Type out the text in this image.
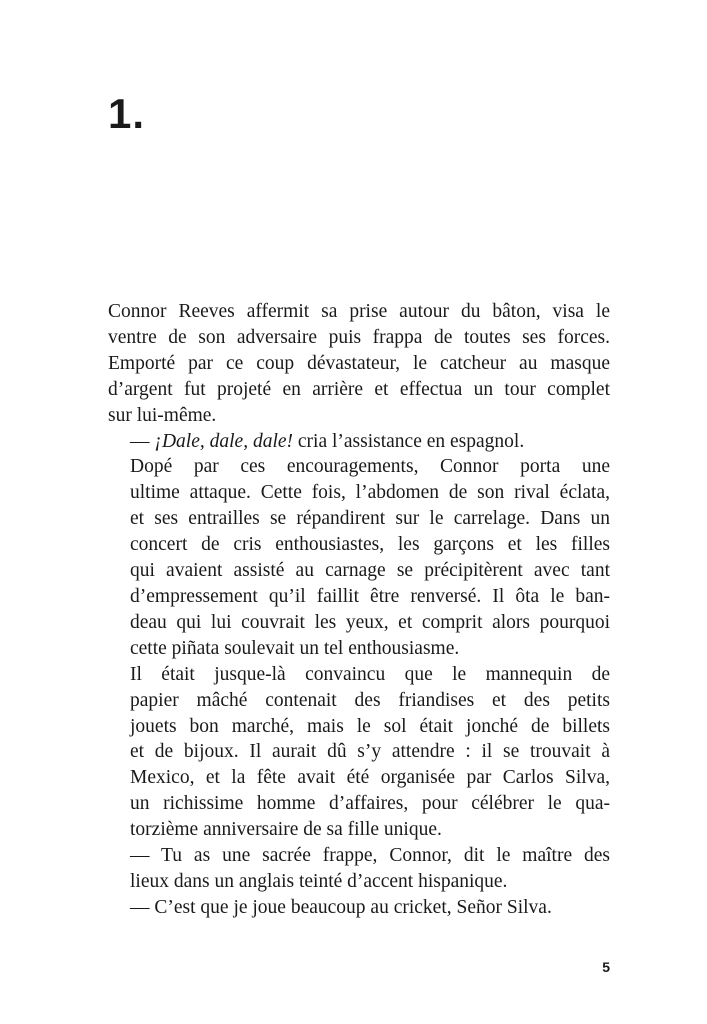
1.

Connor Reeves affermit sa prise autour du bâton, visa le
ventre de son adversaire puis frappa de toutes ses forces.
Emporté par ce coup dévastateur, le catcheur au masque
d’argent fut projeté en arrière et effectua un tour complet
sur lui-même.

— ¡Dale, dale, dale! cria l’assistance en espagnol.

Dopé par ces encouragements, Connor porta une
ultime attaque. Cette fois, l’abdomen de son rival éclata,
et ses entrailles se répandirent sur le carrelage. Dans un
concert de cris enthousiastes, les garçons et les filles
qui avaient assisté au carnage se précipitèrent avec tant
d’empressement qu’il faillit être renversé. Il ôta le ban-
deau qui lui couvrait les yeux, et comprit alors pourquoi
cette piñata soulevait un tel enthousiasme.

Il était jusque-là convaincu que le mannequin de
papier mâché contenait des friandises et des petits
jouets bon marché, mais le sol était jonché de billets
et de bijoux. Il aurait dû s’y attendre : il se trouvait à
Mexico, et la fête avait été organisée par Carlos Silva,
un richissime homme d’affaires, pour célébrer le qua-
torzième anniversaire de sa fille unique.

— Tu as une sacrée frappe, Connor, dit le maître des
lieux dans un anglais teinté d’accent hispanique.

— C’est que je joue beaucoup au cricket, Señor Silva.

5
